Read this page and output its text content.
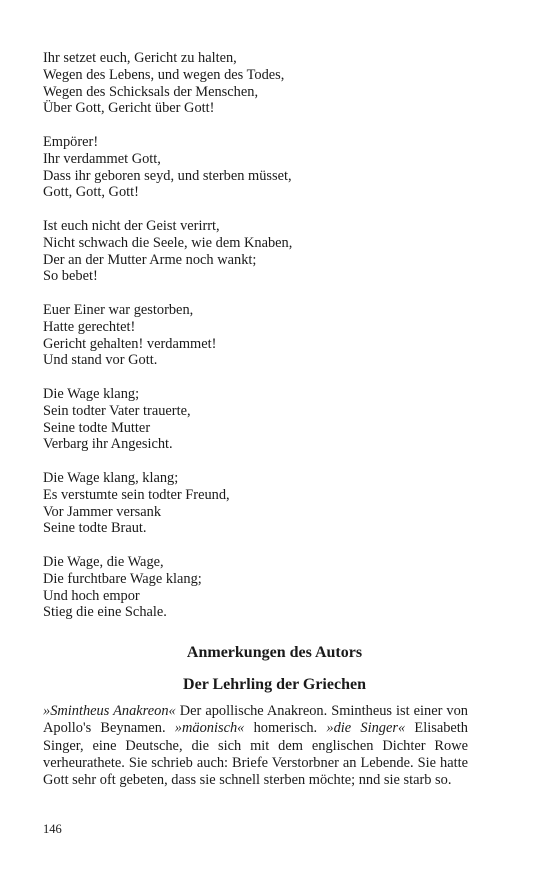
Ihr setzet euch, Gericht zu halten,
Wegen des Lebens, und wegen des Todes,
Wegen des Schicksals der Menschen,
Über Gott, Gericht über Gott!
Empörer!
Ihr verdammet Gott,
Dass ihr geboren seyd, und sterben müsset,
Gott, Gott, Gott!
Ist euch nicht der Geist verirrt,
Nicht schwach die Seele, wie dem Knaben,
Der an der Mutter Arme noch wankt;
So bebet!
Euer Einer war gestorben,
Hatte gerechtet!
Gericht gehalten! verdammet!
Und stand vor Gott.
Die Wage klang;
Sein todter Vater trauerte,
Seine todte Mutter
Verbarg ihr Angesicht.
Die Wage klang, klang;
Es verstumte sein todter Freund,
Vor Jammer versank
Seine todte Braut.
Die Wage, die Wage,
Die furchtbare Wage klang;
Und hoch empor
Stieg die eine Schale.
Anmerkungen des Autors
Der Lehrling der Griechen
»Smintheus Anakreon« Der apollische Anakreon. Smintheus ist einer von Apollo's Beynamen. »mäonisch« homerisch. »die Singer« Elisabeth Singer, eine Deutsche, die sich mit dem englischen Dichter Rowe verheurathete. Sie schrieb auch: Briefe Verstorbner an Lebende. Sie hatte Gott sehr oft gebeten, dass sie schnell sterben möchte; nnd sie starb so.
146
